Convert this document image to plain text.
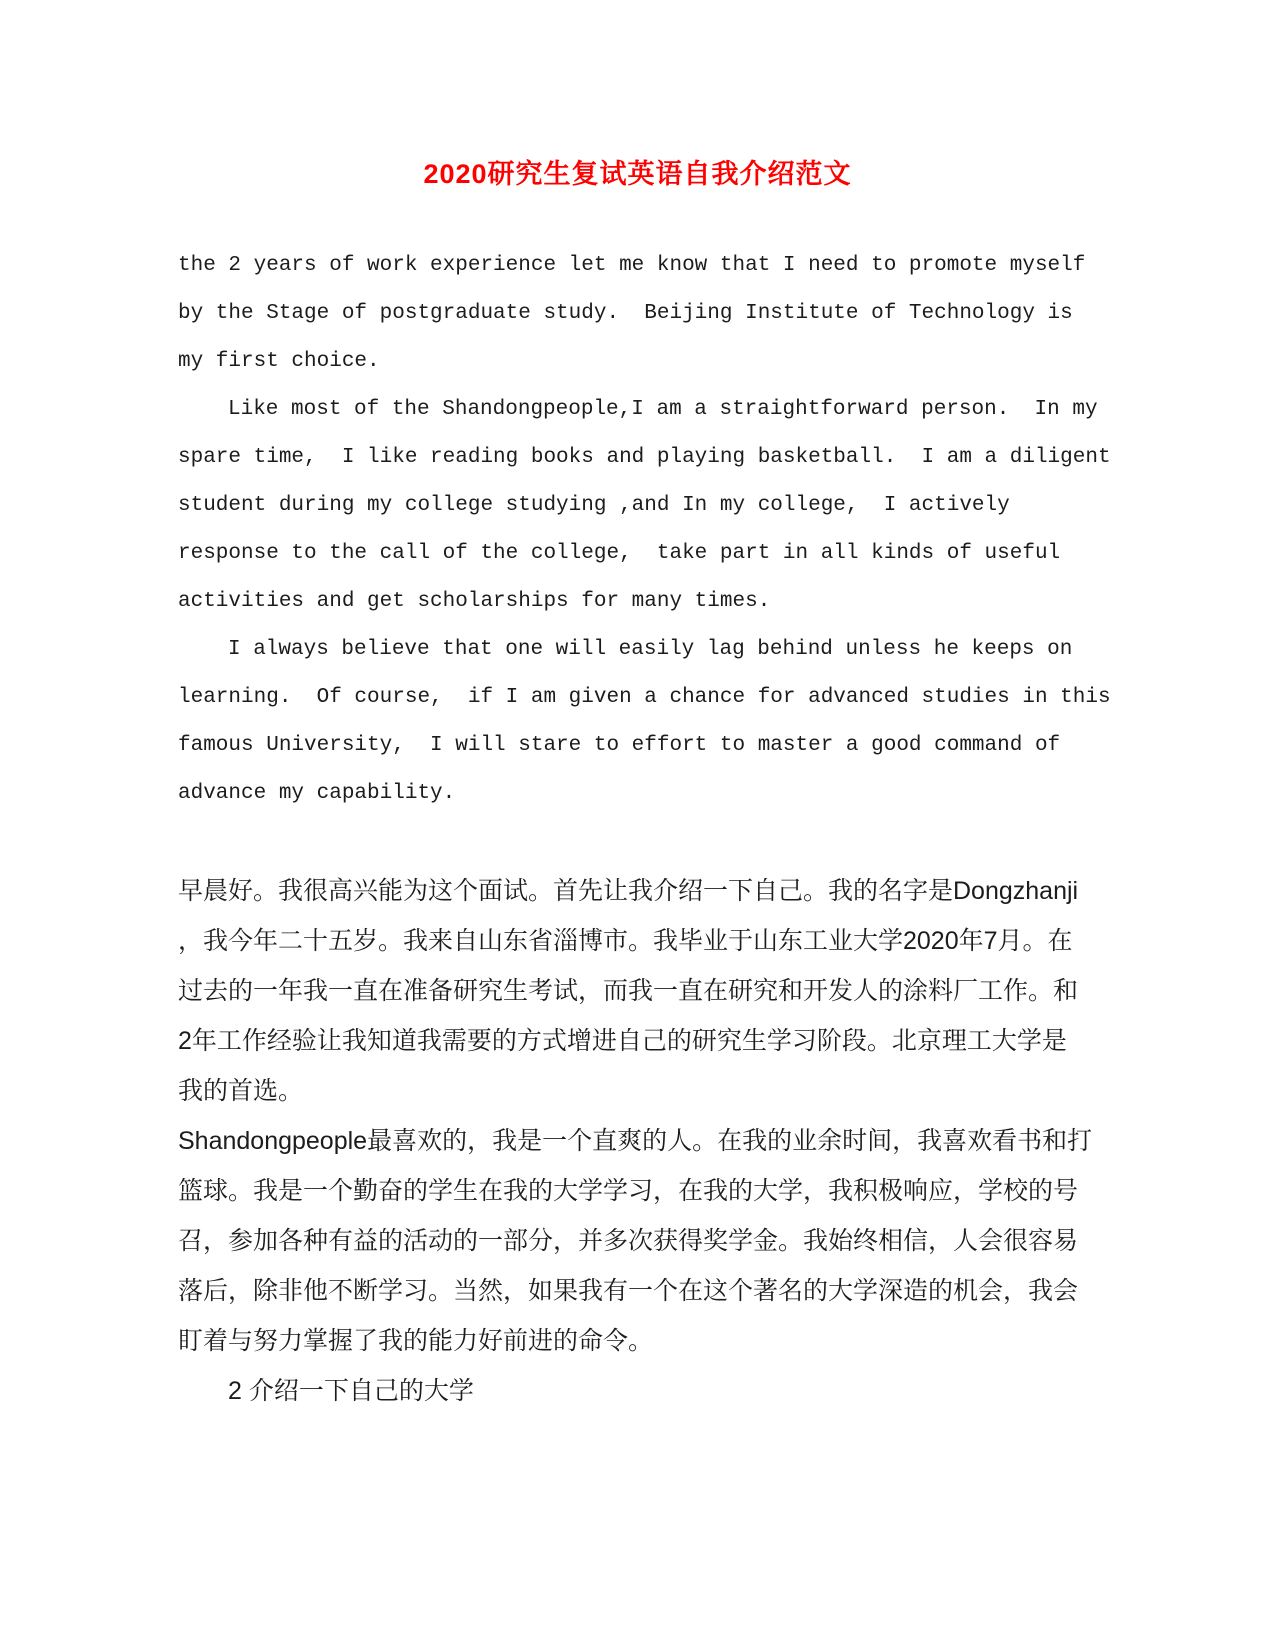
2020研究生复试英语自我介绍范文
the 2 years of work experience let me know that I need to promote myself
by the Stage of postgraduate study.  Beijing Institute of Technology is
my first choice.
Like most of the Shandongpeople,I am a straightforward person.  In my
spare time,  I like reading books and playing basketball.  I am a diligent
student during my college studying ,and In my college,  I actively
response to the call of the college,  take part in all kinds of useful
activities and get scholarships for many times.
I always believe that one will easily lag behind unless he keeps on
learning.  Of course,  if I am given a chance for advanced studies in this
famous University,  I will stare to effort to master a good command of
advance my capability.
早晨好。我很高兴能为这个面试。首先让我介绍一下自己。我的名字是Dongzhanji
，我今年二十五岁。我来自山东省淄博市。我毕业于山东工业大学2020年7月。在
过去的一年我一直在准备研究生考试，而我一直在研究和开发人的涂料厂工作。和
2年工作经验让我知道我需要的方式增进自己的研究生学习阶段。北京理工大学是
我的首选。
Shandongpeople最喜欢的，我是一个直爽的人。在我的业余时间，我喜欢看书和打
篮球。我是一个勤奋的学生在我的大学学习，在我的大学，我积极响应，学校的号
召，参加各种有益的活动的一部分，并多次获得奖学金。我始终相信，人会很容易
落后，除非他不断学习。当然，如果我有一个在这个著名的大学深造的机会，我会
盯着与努力掌握了我的能力好前进的命令。
2 介绍一下自己的大学
